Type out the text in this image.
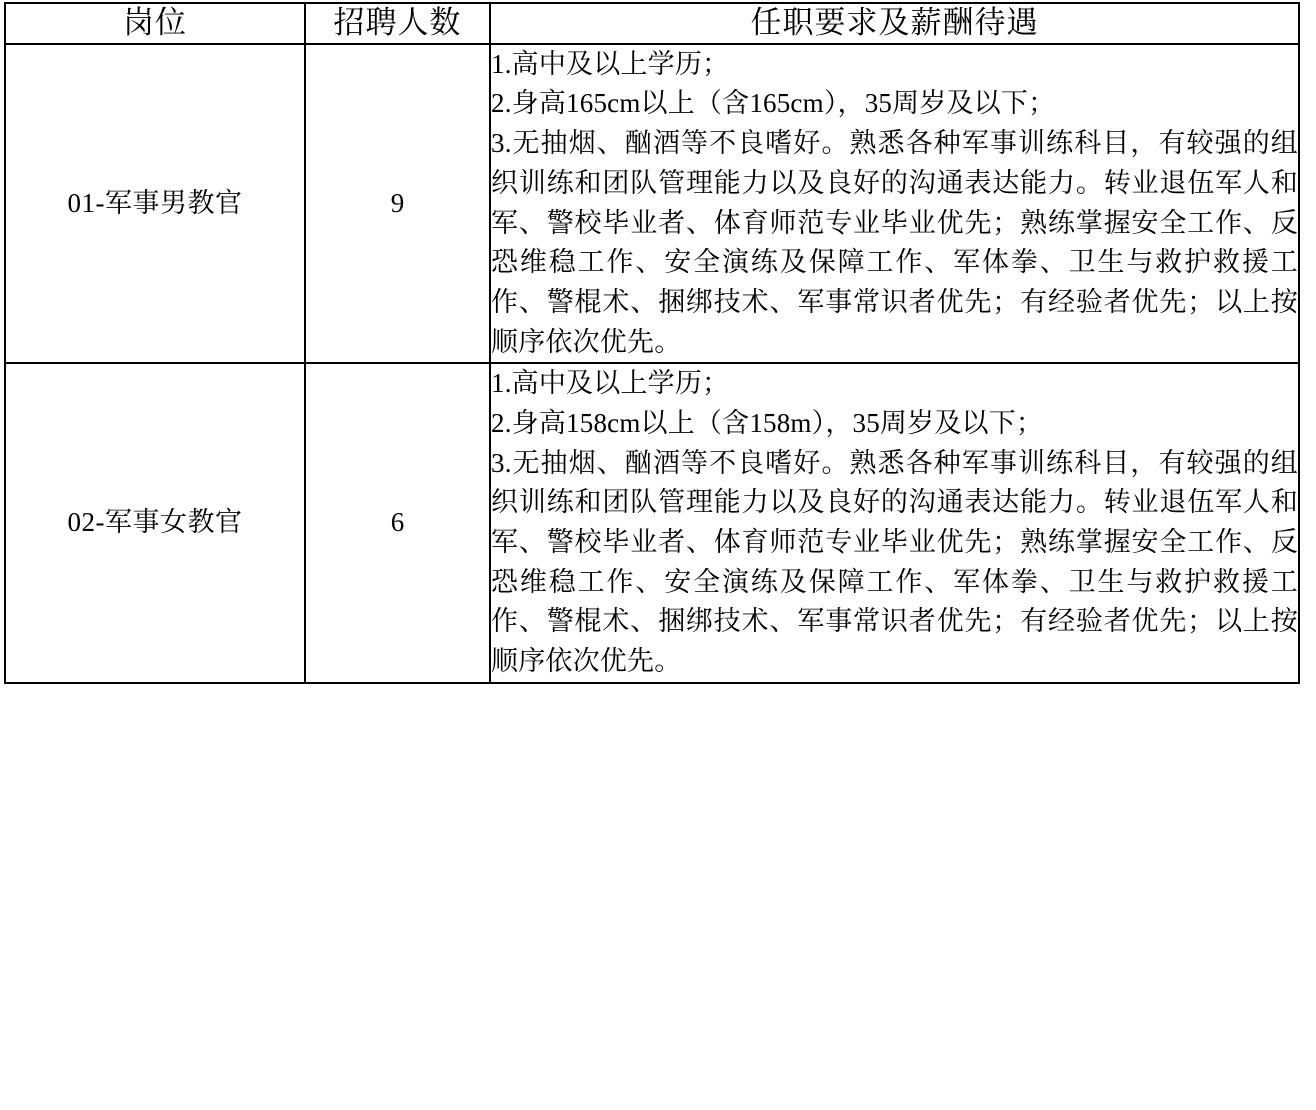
岗位	招聘人数	任职要求及薪酬待遇
01-军事男教官	9	1.高中及以上学历；

2.身高165cm以上（含165cm），35周岁及以下；

3.无抽烟、酗酒等不良嗜好。熟悉各种军事训练科目，有较强的组织训练和团队管理能力以及良好的沟通表达能力。转业退伍军人和军、警校毕业者、体育师范专业毕业优先；熟练掌握安全工作、反恐维稳工作、安全演练及保障工作、军体拳、卫生与救护救援工作、警棍术、捆绑技术、军事常识者优先；有经验者优先；以上按顺序依次优先。

02-军事女教官	6	1.高中及以上学历；

2.身高158cm以上（含158m），35周岁及以下；

3.无抽烟、酗酒等不良嗜好。熟悉各种军事训练科目，有较强的组织训练和团队管理能力以及良好的沟通表达能力。转业退伍军人和军、警校毕业者、体育师范专业毕业优先；熟练掌握安全工作、反恐维稳工作、安全演练及保障工作、军体拳、卫生与救护救援工作、警棍术、捆绑技术、军事常识者优先；有经验者优先；以上按顺序依次优先。
